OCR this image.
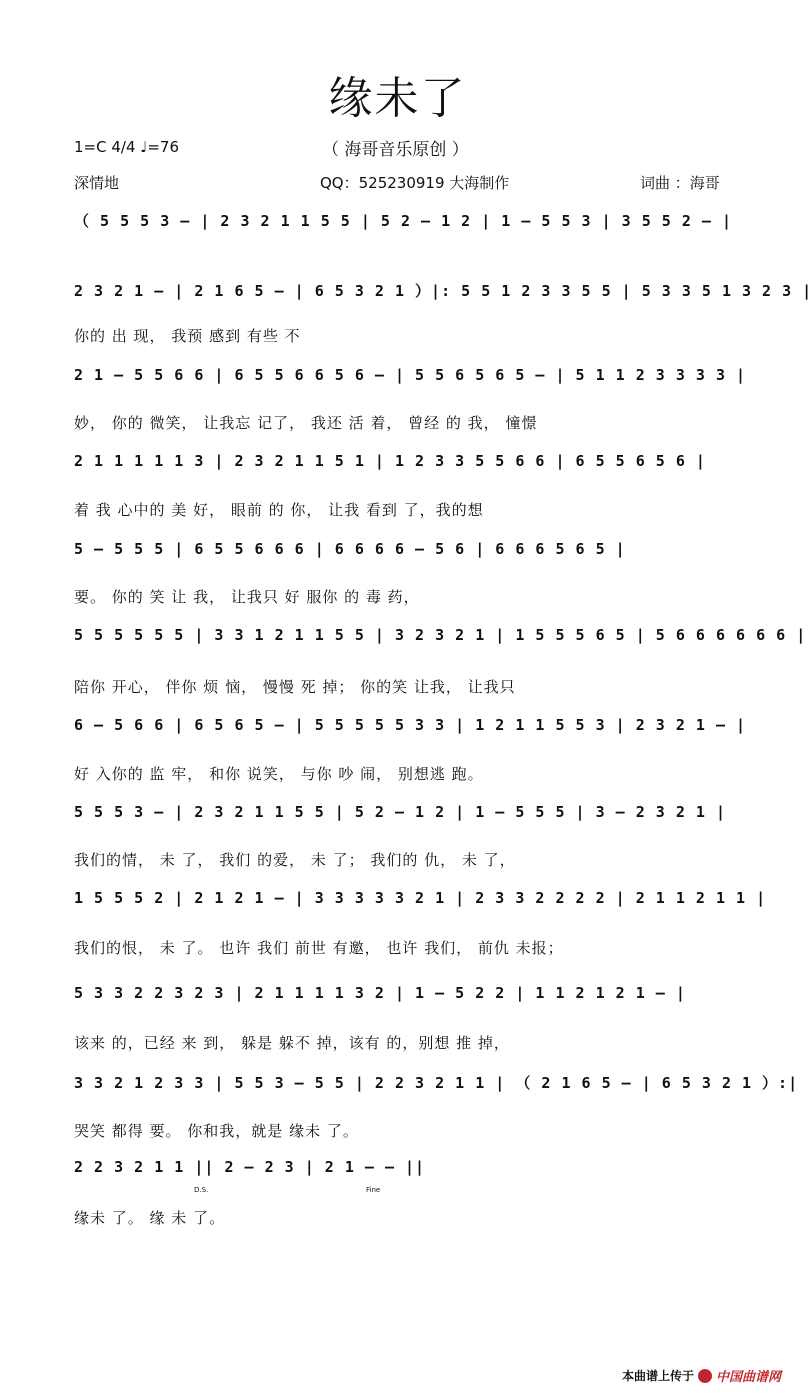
缘未了
1=C 4/4 ♩=76	（ 海哥音乐原创 ）
深情地	QQ：525230919 大海制作	词曲 ：海哥
（ 5 5 5 3 — | 2 3 2 1 1 5 5 | 5 2 — 1 2 | 1 — 5 5 3 | 3 5 5 2 — |
2 3 2 1 — | 2 1 6 5 — | 6 5 3 2 1 ）|: 5 5 1 2 3 3 5 5 | 5 3 3 5 1 3 2 3 |
你的 出 现， 我预 感到 有些 不
2 1 — 5 5 6 6 | 6 5 5 6 6 5 6 — | 5 5 6 5 6 5 — | 5 1 1 2 3 3 3 3 |
妙， 你的 微笑， 让我忘 记了， 我还 活 着， 曾经 的 我， 憧憬
2 1 1 1 1 1 3 | 2 3 2 1 1 5 1 | 1 2 3 3 5 5 6 6 | 6 5 5 6 5 6 |
着 我 心中的 美 好， 眼前 的 你， 让我 看到 了，我的想
5 — 5 5 5 | 6 5 5 6 6 6 | 6 6 6 6 — 5 6 | 6 6 6 5 6 5 |
要。 你的 笑 让 我， 让我只 好 服你 的 毒 药，
5 5 5 5 5 5 | 3 3 1 2 1 1 5 5 | 3 2 3 2 1 | 1 5 5 5 6 5 | 5 6 6 6 6 6 6 |
陪你 开心， 伴你 烦 恼， 慢慢 死 掉； 你的笑 让我， 让我只
6 — 5 6 6 | 6 5 6 5 — | 5 5 5 5 5 3 3 | 1 2 1 1 5 5 3 | 2 3 2 1 — |
好 入你的 监 牢， 和你 说笑， 与你 吵 闹， 别想逃 跑。
5 5 5 3 — | 2 3 2 1 1 5 5 | 5 2 — 1 2 | 1 — 5 5 5 | 3 — 2 3 2 1 |
我们的情， 未 了， 我们 的爱， 未 了； 我们的 仇， 未 了，
1 5 5 5 2 | 2 1 2 1 — | 3 3 3 3 3 2 1 | 2 3 3 2 2 2 2 | 2 1 1 2 1 1 |
我们的恨， 未 了。 也许 我们 前世 有邀， 也许 我们， 前仇 未报；
5 3 3 2 2 3 2 3 | 2 1 1 1 1 3 2 | 1 — 5 2 2 | 1 1 2 1 2 1 — |
该来 的，已经 来 到， 躲是 躲不 掉，该有 的，别想 推 掉，
3 3 2 1 2 3 3 | 5 5 3 — 5 5 | 2 2 3 2 1 1 | （ 2 1 6 5 — | 6 5 3 2 1 ）:|
哭笑 都得 要。 你和我，就是 缘未 了。
2 2 3 2 1 1 || 2 — 2 3 | 2 1 — — ||
缘未 了。 缘 未 了。
D.S.	Fine
本曲谱上传于 中国曲谱网
